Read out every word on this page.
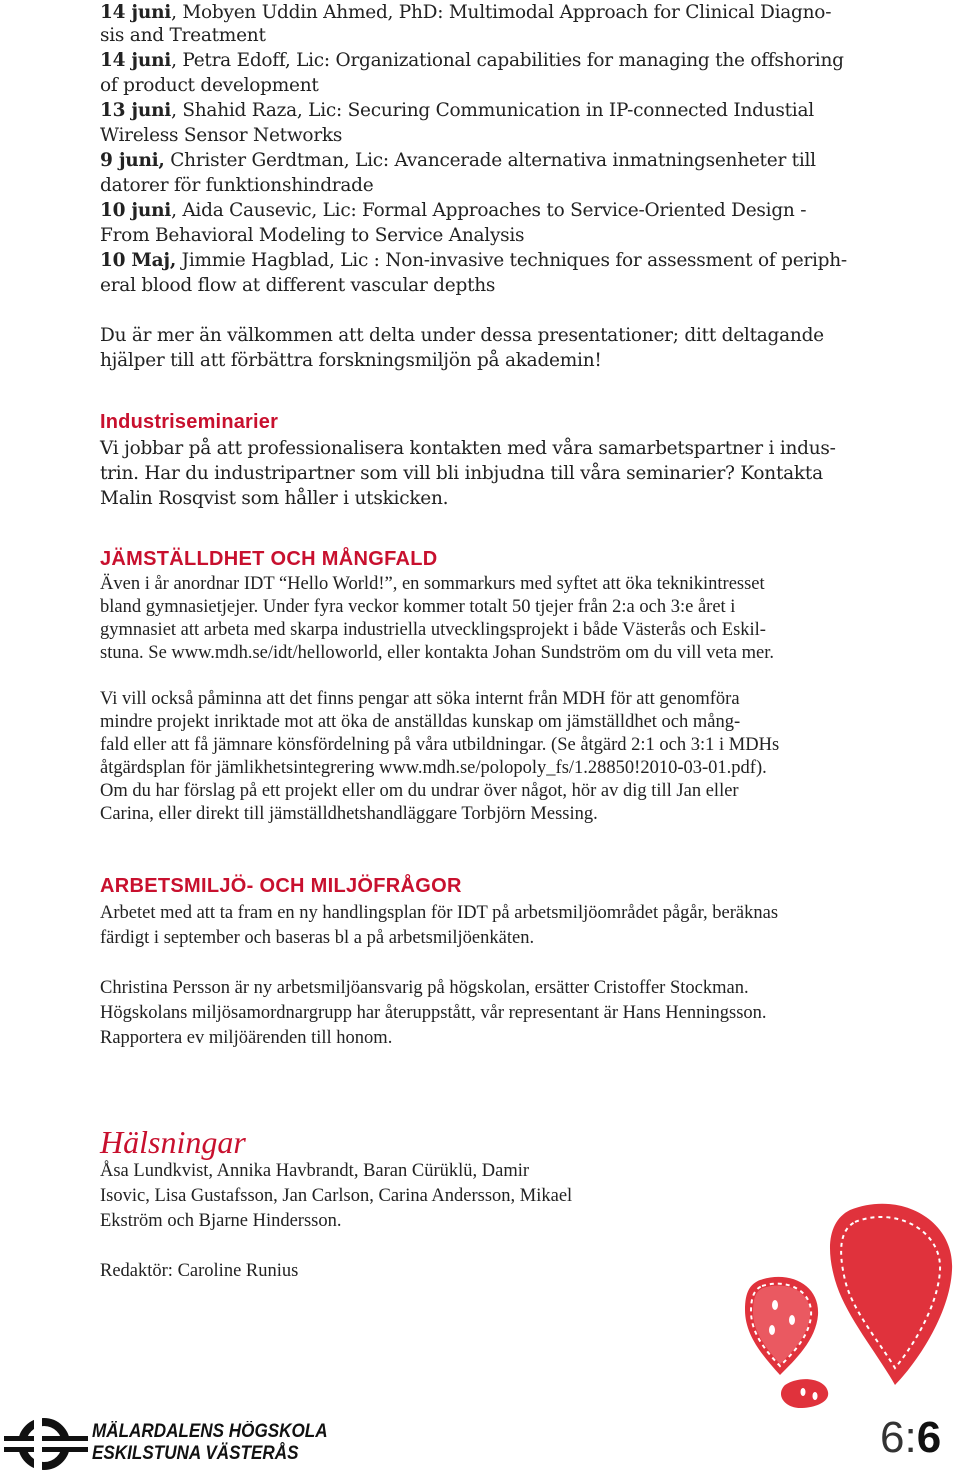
14 juni, Mobyen Uddin Ahmed, PhD: Multimodal Approach for Clinical Diagno-
sis and Treatment
14 juni, Petra Edoff, Lic: Organizational capabilities for managing the offshoring
of product development
13 juni, Shahid Raza, Lic: Securing Communication in IP-connected Industial
Wireless Sensor Networks
9 juni, Christer Gerdtman, Lic: Avancerade alternativa inmatningsenheter till
datorer för funktionshindrade
10 juni, Aida Causevic, Lic: Formal Approaches to Service-Oriented Design -
From Behavioral Modeling to Service Analysis
10 Maj, Jimmie Hagblad, Lic : Non-invasive techniques for assessment of periph-
eral blood flow at different vascular depths
Du är mer än välkommen att delta under dessa presentationer; ditt deltagande
hjälper till att förbättra forskningsmiljön på akademin!
Industriseminarier
Vi jobbar på att professionalisera kontakten med våra samarbetspartner i indus-
trin. Har du industripartner som vill bli inbjudna till våra seminarier? Kontakta
Malin Rosqvist som håller i utskicken.
JÄMSTÄLLDHET OCH MÅNGFALD
Även i år anordnar IDT “Hello World!”, en sommarkurs med syftet att öka teknikintresset
bland gymnasietjejer. Under fyra veckor kommer totalt 50 tjejer från 2:a och 3:e året i
gymnasiet att arbeta med skarpa industriella utvecklingsprojekt i både Västerås och Eskil-
stuna. Se www.mdh.se/idt/helloworld, eller kontakta Johan Sundström om du vill veta mer.
Vi vill också påminna att det finns pengar att söka internt från MDH för att genomföra
mindre projekt inriktade mot att öka de anställdas kunskap om jämställdhet och mång-
fald eller att få jämnare könsfördelning på våra utbildningar. (Se åtgärd 2:1 och 3:1 i MDHs
åtgärdsplan för jämlikhetsintegrering www.mdh.se/polopoly_fs/1.28850!2010-03-01.pdf).
Om du har förslag på ett projekt eller om du undrar över något, hör av dig till Jan eller
Carina, eller direkt till jämställdhetshandläggare Torbjörn Messing.
ARBETSMILJÖ- OCH MILJÖFRÅGOR
Arbetet med att ta fram en ny handlingsplan för IDT på arbetsmiljöområdet pågår, beräknas
färdigt i september och baseras bl a på arbetsmiljöenkäten.
Christina Persson är ny arbetsmiljöansvarig på högskolan, ersätter Cristoffer Stockman.
Högskolans miljösamordnargrupp har återuppstått, vår representant är Hans Henningsson.
Rapportera ev miljöärenden till honom.
Hälsningar
Åsa Lundkvist, Annika Havbrandt, Baran Cürüklü, Damir
Isovic, Lisa Gustafsson, Jan Carlson, Carina Andersson, Mikael
Ekström och Bjarne Hindersson.
Redaktör: Caroline Runius
MÄLARDALENS HÖGSKOLA
ESKILSTUNA VÄSTERÅS	6:6
